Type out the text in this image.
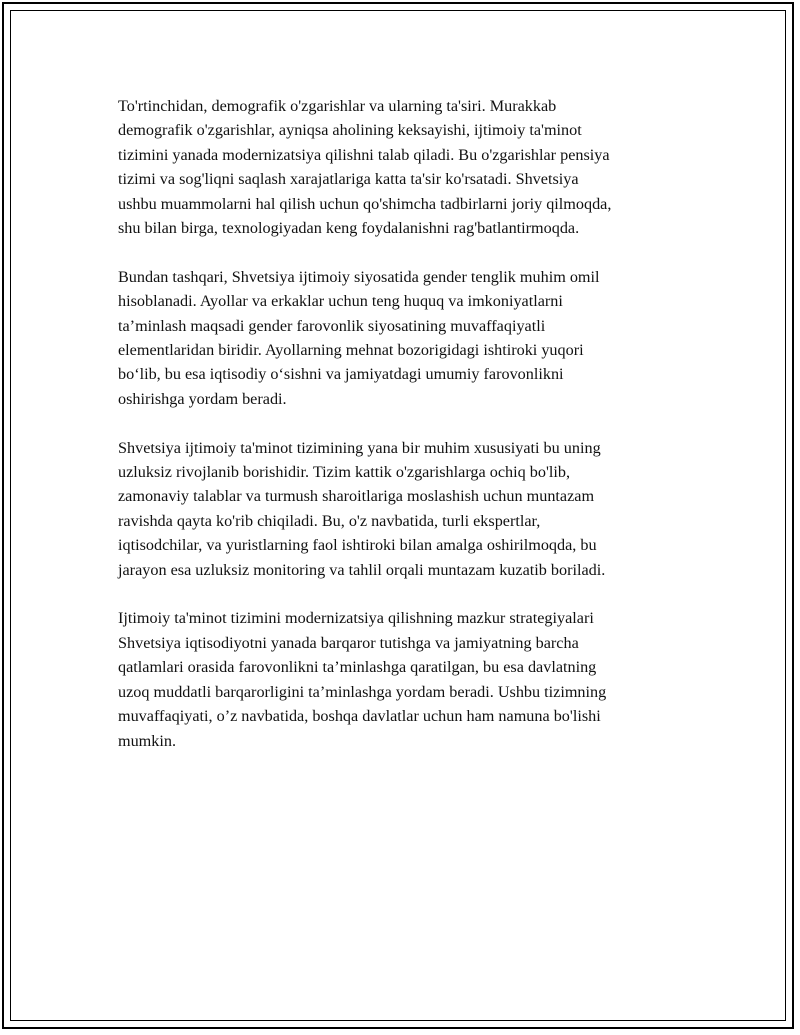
To'rtinchidan, demografik o'zgarishlar va ularning ta'siri. Murakkab
demografik o'zgarishlar, ayniqsa aholining keksayishi, ijtimoiy ta'minot
tizimini yanada modernizatsiya qilishni talab qiladi. Bu o'zgarishlar pensiya
tizimi va sog'liqni saqlash xarajatlariga katta ta'sir ko'rsatadi. Shvetsiya
ushbu muammolarni hal qilish uchun qo'shimcha tadbirlarni joriy qilmoqda,
shu bilan birga, texnologiyadan keng foydalanishni rag'batlantirmoqda.

Bundan tashqari, Shvetsiya ijtimoiy siyosatida gender tenglik muhim omil
hisoblanadi. Ayollar va erkaklar uchun teng huquq va imkoniyatlarni
ta’minlash maqsadi gender farovonlik siyosatining muvaffaqiyatli
elementlaridan biridir. Ayollarning mehnat bozorigidagi ishtiroki yuqori
bo‘lib, bu esa iqtisodiy o‘sishni va jamiyatdagi umumiy farovonlikni
oshirishga yordam beradi.

Shvetsiya ijtimoiy ta'minot tizimining yana bir muhim xususiyati bu uning
uzluksiz rivojlanib borishidir. Tizim kattik o'zgarishlarga ochiq bo'lib,
zamonaviy talablar va turmush sharoitlariga moslashish uchun muntazam
ravishda qayta ko'rib chiqiladi. Bu, o'z navbatida, turli ekspertlar,
iqtisodchilar, va yuristlarning faol ishtiroki bilan amalga oshirilmoqda, bu
jarayon esa uzluksiz monitoring va tahlil orqali muntazam kuzatib boriladi.

Ijtimoiy ta'minot tizimini modernizatsiya qilishning mazkur strategiyalari
Shvetsiya iqtisodiyotni yanada barqaror tutishga va jamiyatning barcha
qatlamlari orasida farovonlikni ta’minlashga qaratilgan, bu esa davlatning
uzoq muddatli barqarorligini ta’minlashga yordam beradi. Ushbu tizimning
muvaffaqiyati, o’z navbatida, boshqa davlatlar uchun ham namuna bo'lishi
mumkin.
